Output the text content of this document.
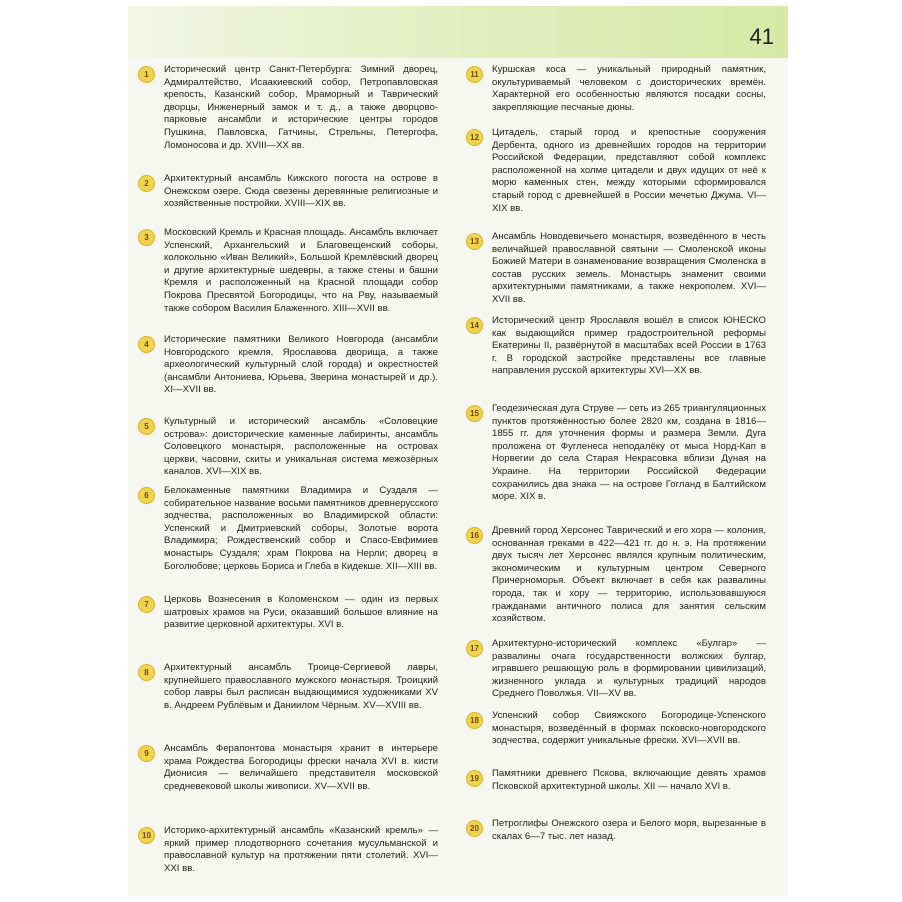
41
1	Исторический центр Санкт-Петербурга: Зимний дворец, Адмиралтейство, Исаакиевский собор, Петропавловская крепость, Казанский собор, Мраморный и Таврический дворцы, Инженерный замок и т. д., а также дворцово-парковые ансамбли и исторические центры городов Пушкина, Павловска, Гатчины, Стрельны, Петергофа, Ломоносова и др. XVIII—XX вв.

2	Архитектурный ансамбль Кижского погоста на острове в Онежском озере. Сюда свезены деревянные религиозные и хозяйственные постройки. XVIII—XIX вв.

3	Московский Кремль и Красная площадь. Ансамбль включает Успенский, Архангельский и Благовещенский соборы, колокольню «Иван Великий», Большой Кремлёвский дворец и другие архитектурные шедевры, а также стены и башни Кремля и расположенный на Красной площади собор Покрова Пресвятой Богородицы, что на Рву, называемый также собором Василия Блаженного. XIII—XVII вв.

4	Исторические памятники Великого Новгорода (ансамбли Новгородского кремля, Ярославова дворища, а также археологический культурный слой города) и окрестностей (ансамбли Антониева, Юрьева, Зверина монастырей и др.). XI—XVII вв.

5	Культурный и исторический ансамбль «Соловецкие острова»: доисторические каменные лабиринты, ансамбль Соловецкого монастыря, расположенные на островах церкви, часовни, скиты и уникальная система межозёрных каналов. XVI—XIX вв.

6	Белокаменные памятники Владимира и Суздаля — собирательное название восьми памятников древнерусского зодчества, расположенных во Владимирской области: Успенский и Дмитриевский соборы, Золотые ворота Владимира; Рождественский собор и Спасо-Евфимиев монастырь Суздаля; храм Покрова на Нерли; дворец в Боголюбове; церковь Бориса и Глеба в Кидекше. XII—XIII вв.

7	Церковь Вознесения в Коломенском — один из первых шатровых храмов на Руси, оказавший большое влияние на развитие церковной архитектуры. XVI в.

8	Архитектурный ансамбль Троице-Сергиевой лавры, крупнейшего православного мужского монастыря. Троицкий собор лавры был расписан выдающимися художниками XV в. Андреем Рублёвым и Даниилом Чёрным. XV—XVIII вв.

9	Ансамбль Ферапонтова монастыря хранит в интерьере храма Рождества Богородицы фрески начала XVI в. кисти Дионисия — величайшего представителя московской средневековой школы живописи. XV—XVII вв.

10	Историко-архитектурный ансамбль «Казанский кремль» — яркий пример плодотворного сочетания мусульманской и православной культур на протяжении пяти столетий. XVI—XXI вв.

11	Куршская коса — уникальный природный памятник, окультуриваемый человеком с доисторических времён. Характерной его особенностью являются посадки сосны, закрепляющие песчаные дюны.

12	Цитадель, старый город и крепостные сооружения Дербента, одного из древнейших городов на территории Российской Федерации, представляют собой комплекс расположенной на холме цитадели и двух идущих от неё к морю каменных стен, между которыми сформировался старый город с древнейшей в России мечетью Джума. VI—XIX вв.

13	Ансамбль Новодевичьего монастыря, возведённого в честь величайшей православной святыни — Смоленской иконы Божией Матери в ознаменование возвращения Смоленска в состав русских земель. Монастырь знаменит своими архитектурными памятниками, а также некрополем. XVI—XVII вв.

14	Исторический центр Ярославля вошёл в список ЮНЕСКО как выдающийся пример градостроительной реформы Екатерины II, развёрнутой в масштабах всей России в 1763 г. В городской застройке представлены все главные направления русской архитектуры XVI—XX вв.

15	Геодезическая дуга Струве — сеть из 265 триангуляционных пунктов протяжённостью более 2820 км, создана в 1816—1855 гг. для уточнения формы и размера Земли. Дуга проложена от Фугленеса неподалёку от мыса Норд-Кап в Норвегии до села Старая Некрасовка вблизи Дуная на Украине. На территории Российской Федерации сохранились два знака — на острове Гогланд в Балтийском море. XIX в.

16	Древний город Херсонес Таврический и его хора — колония, основанная греками в 422—421 гг. до н. э. На протяжении двух тысяч лет Херсонес являлся крупным политическим, экономическим и культурным центром Северного Причерноморья. Объект включает в себя как развалины города, так и хору — территорию, использовавшуюся гражданами античного полиса для занятия сельским хозяйством.

17	Архитектурно-исторический комплекс «Булгар» — развалины очага государственности волжских булгар, игравшего решающую роль в формировании цивилизаций, жизненного уклада и культурных традиций народов Среднего Поволжья. VII—XV вв.

18	Успенский собор Свияжского Богородице-Успенского монастыря, возведённый в формах псковско-новгородского зодчества, содержит уникальные фрески. XVI—XVII вв.

19	Памятники древнего Пскова, включающие девять храмов Псковской архитектурной школы. XII — начало XVI в.

20	Петроглифы Онежского озера и Белого моря, вырезанные в скалах 6—7 тыс. лет назад.
